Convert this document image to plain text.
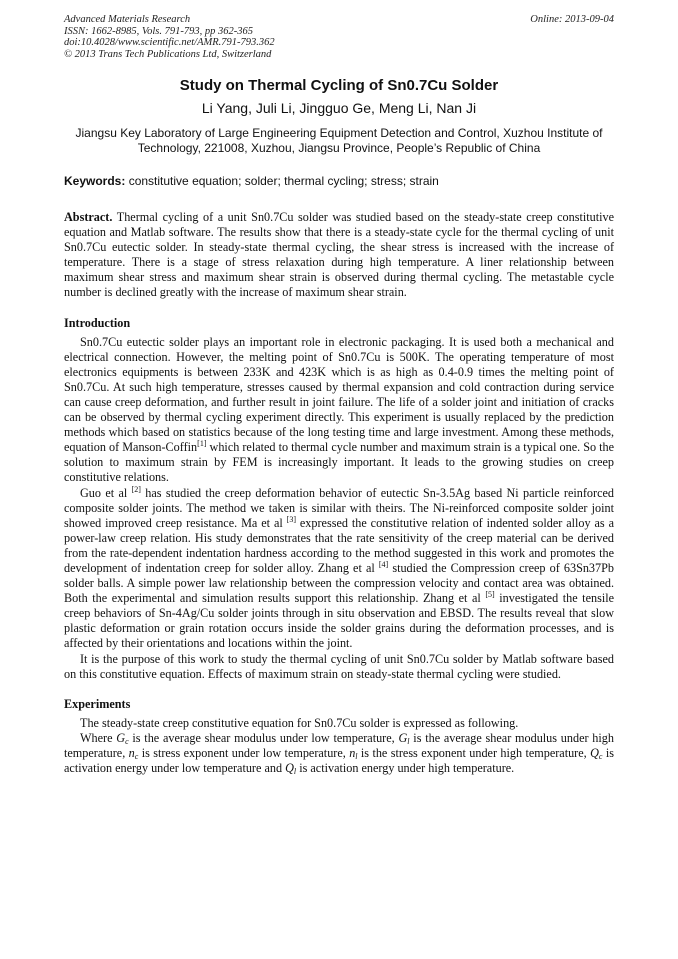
Advanced Materials Research
ISSN: 1662-8985, Vols. 791-793, pp 362-365
doi:10.4028/www.scientific.net/AMR.791-793.362
© 2013 Trans Tech Publications Ltd, Switzerland
Online: 2013-09-04
Study on Thermal Cycling of Sn0.7Cu Solder
Li Yang, Juli Li, Jingguo Ge, Meng Li, Nan Ji
Jiangsu Key Laboratory of Large Engineering Equipment Detection and Control, Xuzhou Institute of Technology, 221008, Xuzhou, Jiangsu Province, People’s Republic of China
Keywords: constitutive equation; solder; thermal cycling; stress; strain
Abstract. Thermal cycling of a unit Sn0.7Cu solder was studied based on the steady-state creep constitutive equation and Matlab software. The results show that there is a steady-state cycle for the thermal cycling of unit Sn0.7Cu eutectic solder. In steady-state thermal cycling, the shear stress is increased with the increase of temperature. There is a stage of stress relaxation during high temperature. A liner relationship between maximum shear stress and maximum shear strain is observed during thermal cycling. The metastable cycle number is declined greatly with the increase of maximum shear strain.
Introduction

Sn0.7Cu eutectic solder plays an important role in electronic packaging. It is used both a mechanical and electrical connection. However, the melting point of Sn0.7Cu is 500K. The operating temperature of most electronics equipments is between 233K and 423K which is as high as 0.4-0.9 times the melting point of Sn0.7Cu. At such high temperature, stresses caused by thermal expansion and cold contraction during service can cause creep deformation, and further result in joint failure. The life of a solder joint and initiation of cracks can be observed by thermal cycling experiment directly. This experiment is usually replaced by the prediction methods which based on statistics because of the long testing time and large investment. Among these methods, equation of Manson-Coffin[1] which related to thermal cycle number and maximum strain is a typical one. So the solution to maximum strain by FEM is increasingly important. It leads to the growing studies on creep constitutive relations.

Guo et al [2] has studied the creep deformation behavior of eutectic Sn-3.5Ag based Ni particle reinforced composite solder joints. The method we taken is similar with theirs. The Ni-reinforced composite solder joint showed improved creep resistance. Ma et al [3] expressed the constitutive relation of indented solder alloy as a power-law creep relation. His study demonstrates that the rate sensitivity of the creep material can be derived from the rate-dependent indentation hardness according to the method suggested in this work and promotes the development of indentation creep for solder alloy. Zhang et al [4] studied the Compression creep of 63Sn37Pb solder balls. A simple power law relationship between the compression velocity and contact area was obtained. Both the experimental and simulation results support this relationship. Zhang et al [5] investigated the tensile creep behaviors of Sn-4Ag/Cu solder joints through in situ observation and EBSD. The results reveal that slow plastic deformation or grain rotation occurs inside the solder grains during the deformation processes, and is affected by their orientations and locations within the joint.

It is the purpose of this work to study the thermal cycling of unit Sn0.7Cu solder by Matlab software based on this constitutive equation. Effects of maximum strain on steady-state thermal cycling were studied.

Experiments

The steady-state creep constitutive equation for Sn0.7Cu solder is expressed as following.

Where $G_c$ is the average shear modulus under low temperature, $G_l$ is the average shear modulus under high temperature, $n_c$ is stress exponent under low temperature, $n_l$ is the stress exponent under high temperature, $Q_c$ is activation energy under low temperature and $Q_l$ is activation energy under high temperature.
